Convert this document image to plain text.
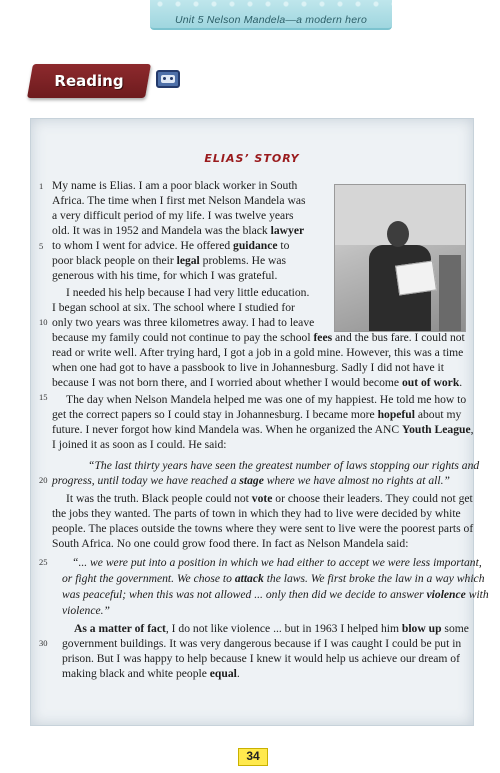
Unit 5 Nelson Mandela—a modern hero
Reading
ELIAS’ STORY
1
5
10
15
20
25
30
My name is Elias. I am a poor black worker in South
Africa. The time when I first met Nelson Mandela was
a very difficult period of my life. I was twelve years
old. It was in 1952 and Mandela was the black lawyer
to whom I went for advice. He offered guidance to
poor black people on their legal problems. He was
generous with his time, for which I was grateful.
I needed his help because I had very little education.
I began school at six. The school where I studied for
only two years was three kilometres away. I had to leave
because my family could not continue to pay the school fees and the bus fare. I could not
read or write well. After trying hard, I got a job in a gold mine. However, this was a time
when one had got to have a passbook to live in Johannesburg. Sadly I did not have it
because I was not born there, and I worried about whether I would become out of work.
The day when Nelson Mandela helped me was one of my happiest. He told me how to
get the correct papers so I could stay in Johannesburg. I became more hopeful about my
future. I never forgot how kind Mandela was. When he organized the ANC Youth League,
I joined it as soon as I could. He said:
“The last thirty years have seen the greatest number of laws stopping our rights and
progress, until today we have reached a stage where we have almost no rights at all.”
It was the truth. Black people could not vote or choose their leaders. They could not get
the jobs they wanted. The parts of town in which they had to live were decided by white
people. The places outside the towns where they were sent to live were the poorest parts of
South Africa. No one could grow food there. In fact as Nelson Mandela said:
“... we were put into a position in which we had either to accept we were less important,
or fight the government. We chose to attack the laws. We first broke the law in a way which
was peaceful; when this was not allowed ... only then did we decide to answer violence with
violence.”
As a matter of fact, I do not like violence ... but in 1963 I helped him blow up some
government buildings. It was very dangerous because if I was caught I could be put in
prison. But I was happy to help because I knew it would help us achieve our dream of
making black and white people equal.
34
